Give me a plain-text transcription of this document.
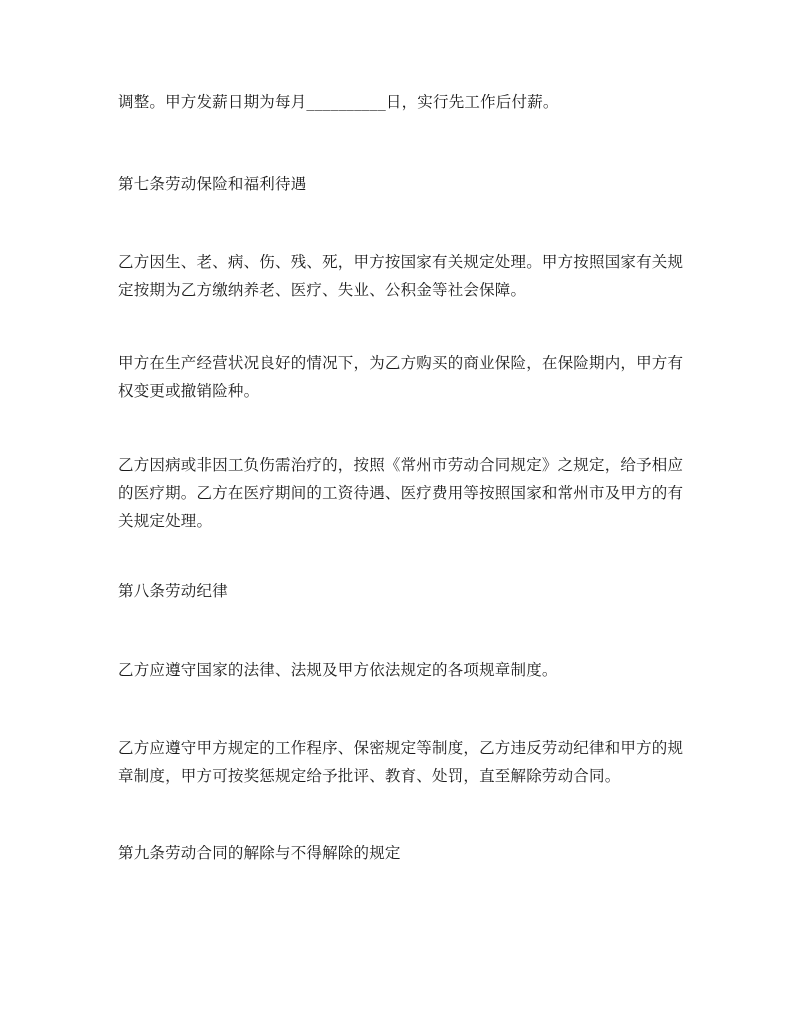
调整。甲方发薪日期为每月__________日，实行先工作后付薪。

第七条劳动保险和福利待遇

乙方因生、老、病、伤、残、死，甲方按国家有关规定处理。甲方按照国家有关规定按期为乙方缴纳养老、医疗、失业、公积金等社会保障。

甲方在生产经营状况良好的情况下，为乙方购买的商业保险，在保险期内，甲方有权变更或撤销险种。

乙方因病或非因工负伤需治疗的，按照《常州市劳动合同规定》之规定，给予相应的医疗期。乙方在医疗期间的工资待遇、医疗费用等按照国家和常州市及甲方的有关规定处理。

第八条劳动纪律

乙方应遵守国家的法律、法规及甲方依法规定的各项规章制度。

乙方应遵守甲方规定的工作程序、保密规定等制度，乙方违反劳动纪律和甲方的规章制度，甲方可按奖惩规定给予批评、教育、处罚，直至解除劳动合同。

第九条劳动合同的解除与不得解除的规定
